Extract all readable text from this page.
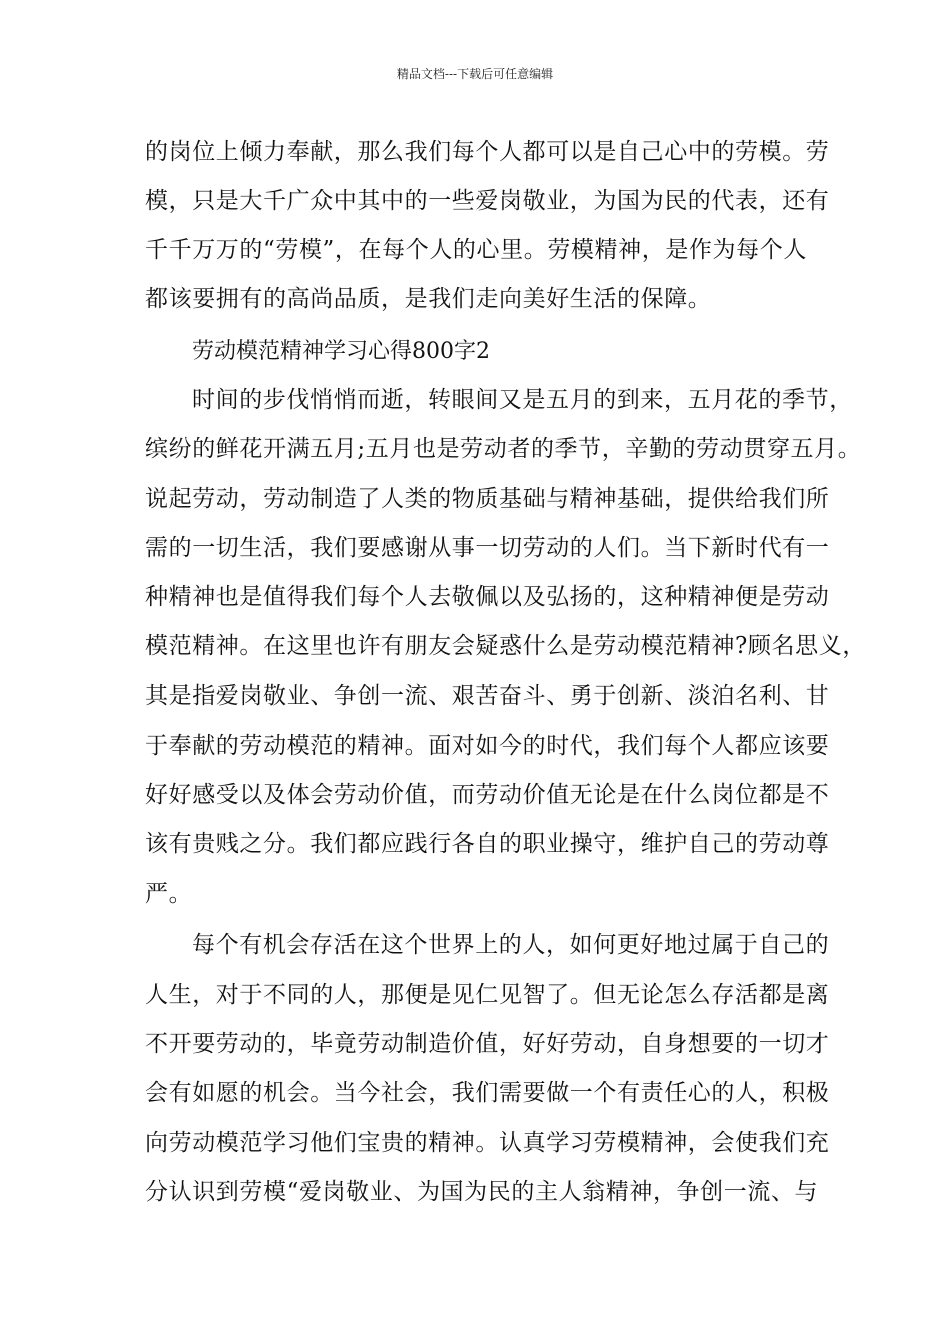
精品文档---下载后可任意编辑
的岗位上倾力奉献，那么我们每个人都可以是自己心中的劳模。劳
模，只是大千广众中其中的一些爱岗敬业，为国为民的代表，还有
千千万万的“劳模”，在每个人的心里。劳模精神，是作为每个人
都该要拥有的高尚品质，是我们走向美好生活的保障。
劳动模范精神学习心得800字2
时间的步伐悄悄而逝，转眼间又是五月的到来，五月花的季节，
缤纷的鲜花开满五月;五月也是劳动者的季节，辛勤的劳动贯穿五月。
说起劳动，劳动制造了人类的物质基础与精神基础，提供给我们所
需的一切生活，我们要感谢从事一切劳动的人们。当下新时代有一
种精神也是值得我们每个人去敬佩以及弘扬的，这种精神便是劳动
模范精神。在这里也许有朋友会疑惑什么是劳动模范精神?顾名思义，
其是指爱岗敬业、争创一流、艰苦奋斗、勇于创新、淡泊名利、甘
于奉献的劳动模范的精神。面对如今的时代，我们每个人都应该要
好好感受以及体会劳动价值，而劳动价值无论是在什么岗位都是不
该有贵贱之分。我们都应践行各自的职业操守，维护自己的劳动尊
严。
每个有机会存活在这个世界上的人，如何更好地过属于自己的
人生，对于不同的人，那便是见仁见智了。但无论怎么存活都是离
不开要劳动的，毕竟劳动制造价值，好好劳动，自身想要的一切才
会有如愿的机会。当今社会，我们需要做一个有责任心的人，积极
向劳动模范学习他们宝贵的精神。认真学习劳模精神，会使我们充
分认识到劳模“爱岗敬业、为国为民的主人翁精神，争创一流、与
